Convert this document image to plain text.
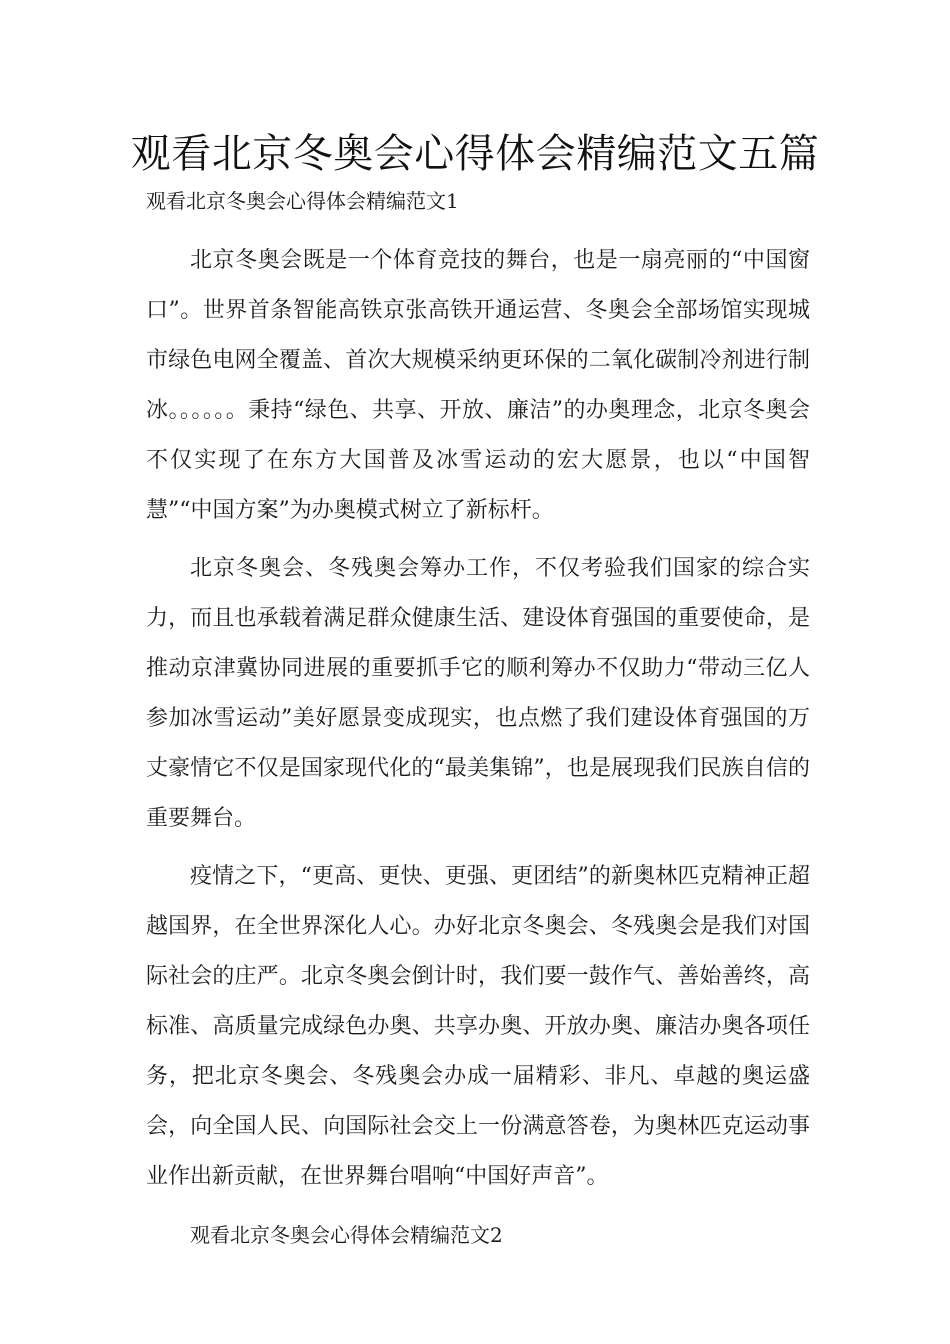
观看北京冬奥会心得体会精编范文五篇

观看北京冬奥会心得体会精编范文1

北京冬奥会既是一个体育竞技的舞台，也是一扇亮丽的“中国窗口”。世界首条智能高铁京张高铁开通运营、冬奥会全部场馆实现城市绿色电网全覆盖、首次大规模采纳更环保的二氧化碳制冷剂进行制冰。。。。。。秉持“绿色、共享、开放、廉洁”的办奥理念，北京冬奥会不仅实现了在东方大国普及冰雪运动的宏大愿景，也以“中国智慧”“中国方案”为办奥模式树立了新标杆。

北京冬奥会、冬残奥会筹办工作，不仅考验我们国家的综合实力，而且也承载着满足群众健康生活、建设体育强国的重要使命，是推动京津冀协同进展的重要抓手它的顺利筹办不仅助力“带动三亿人参加冰雪运动”美好愿景变成现实，也点燃了我们建设体育强国的万丈豪情它不仅是国家现代化的“最美集锦”，也是展现我们民族自信的重要舞台。

疫情之下，“更高、更快、更强、更团结”的新奥林匹克精神正超越国界，在全世界深化人心。办好北京冬奥会、冬残奥会是我们对国际社会的庄严。北京冬奥会倒计时，我们要一鼓作气、善始善终，高标准、高质量完成绿色办奥、共享办奥、开放办奥、廉洁办奥各项任务，把北京冬奥会、冬残奥会办成一届精彩、非凡、卓越的奥运盛会，向全国人民、向国际社会交上一份满意答卷，为奥林匹克运动事业作出新贡献，在世界舞台唱响“中国好声音”。

观看北京冬奥会心得体会精编范文2
